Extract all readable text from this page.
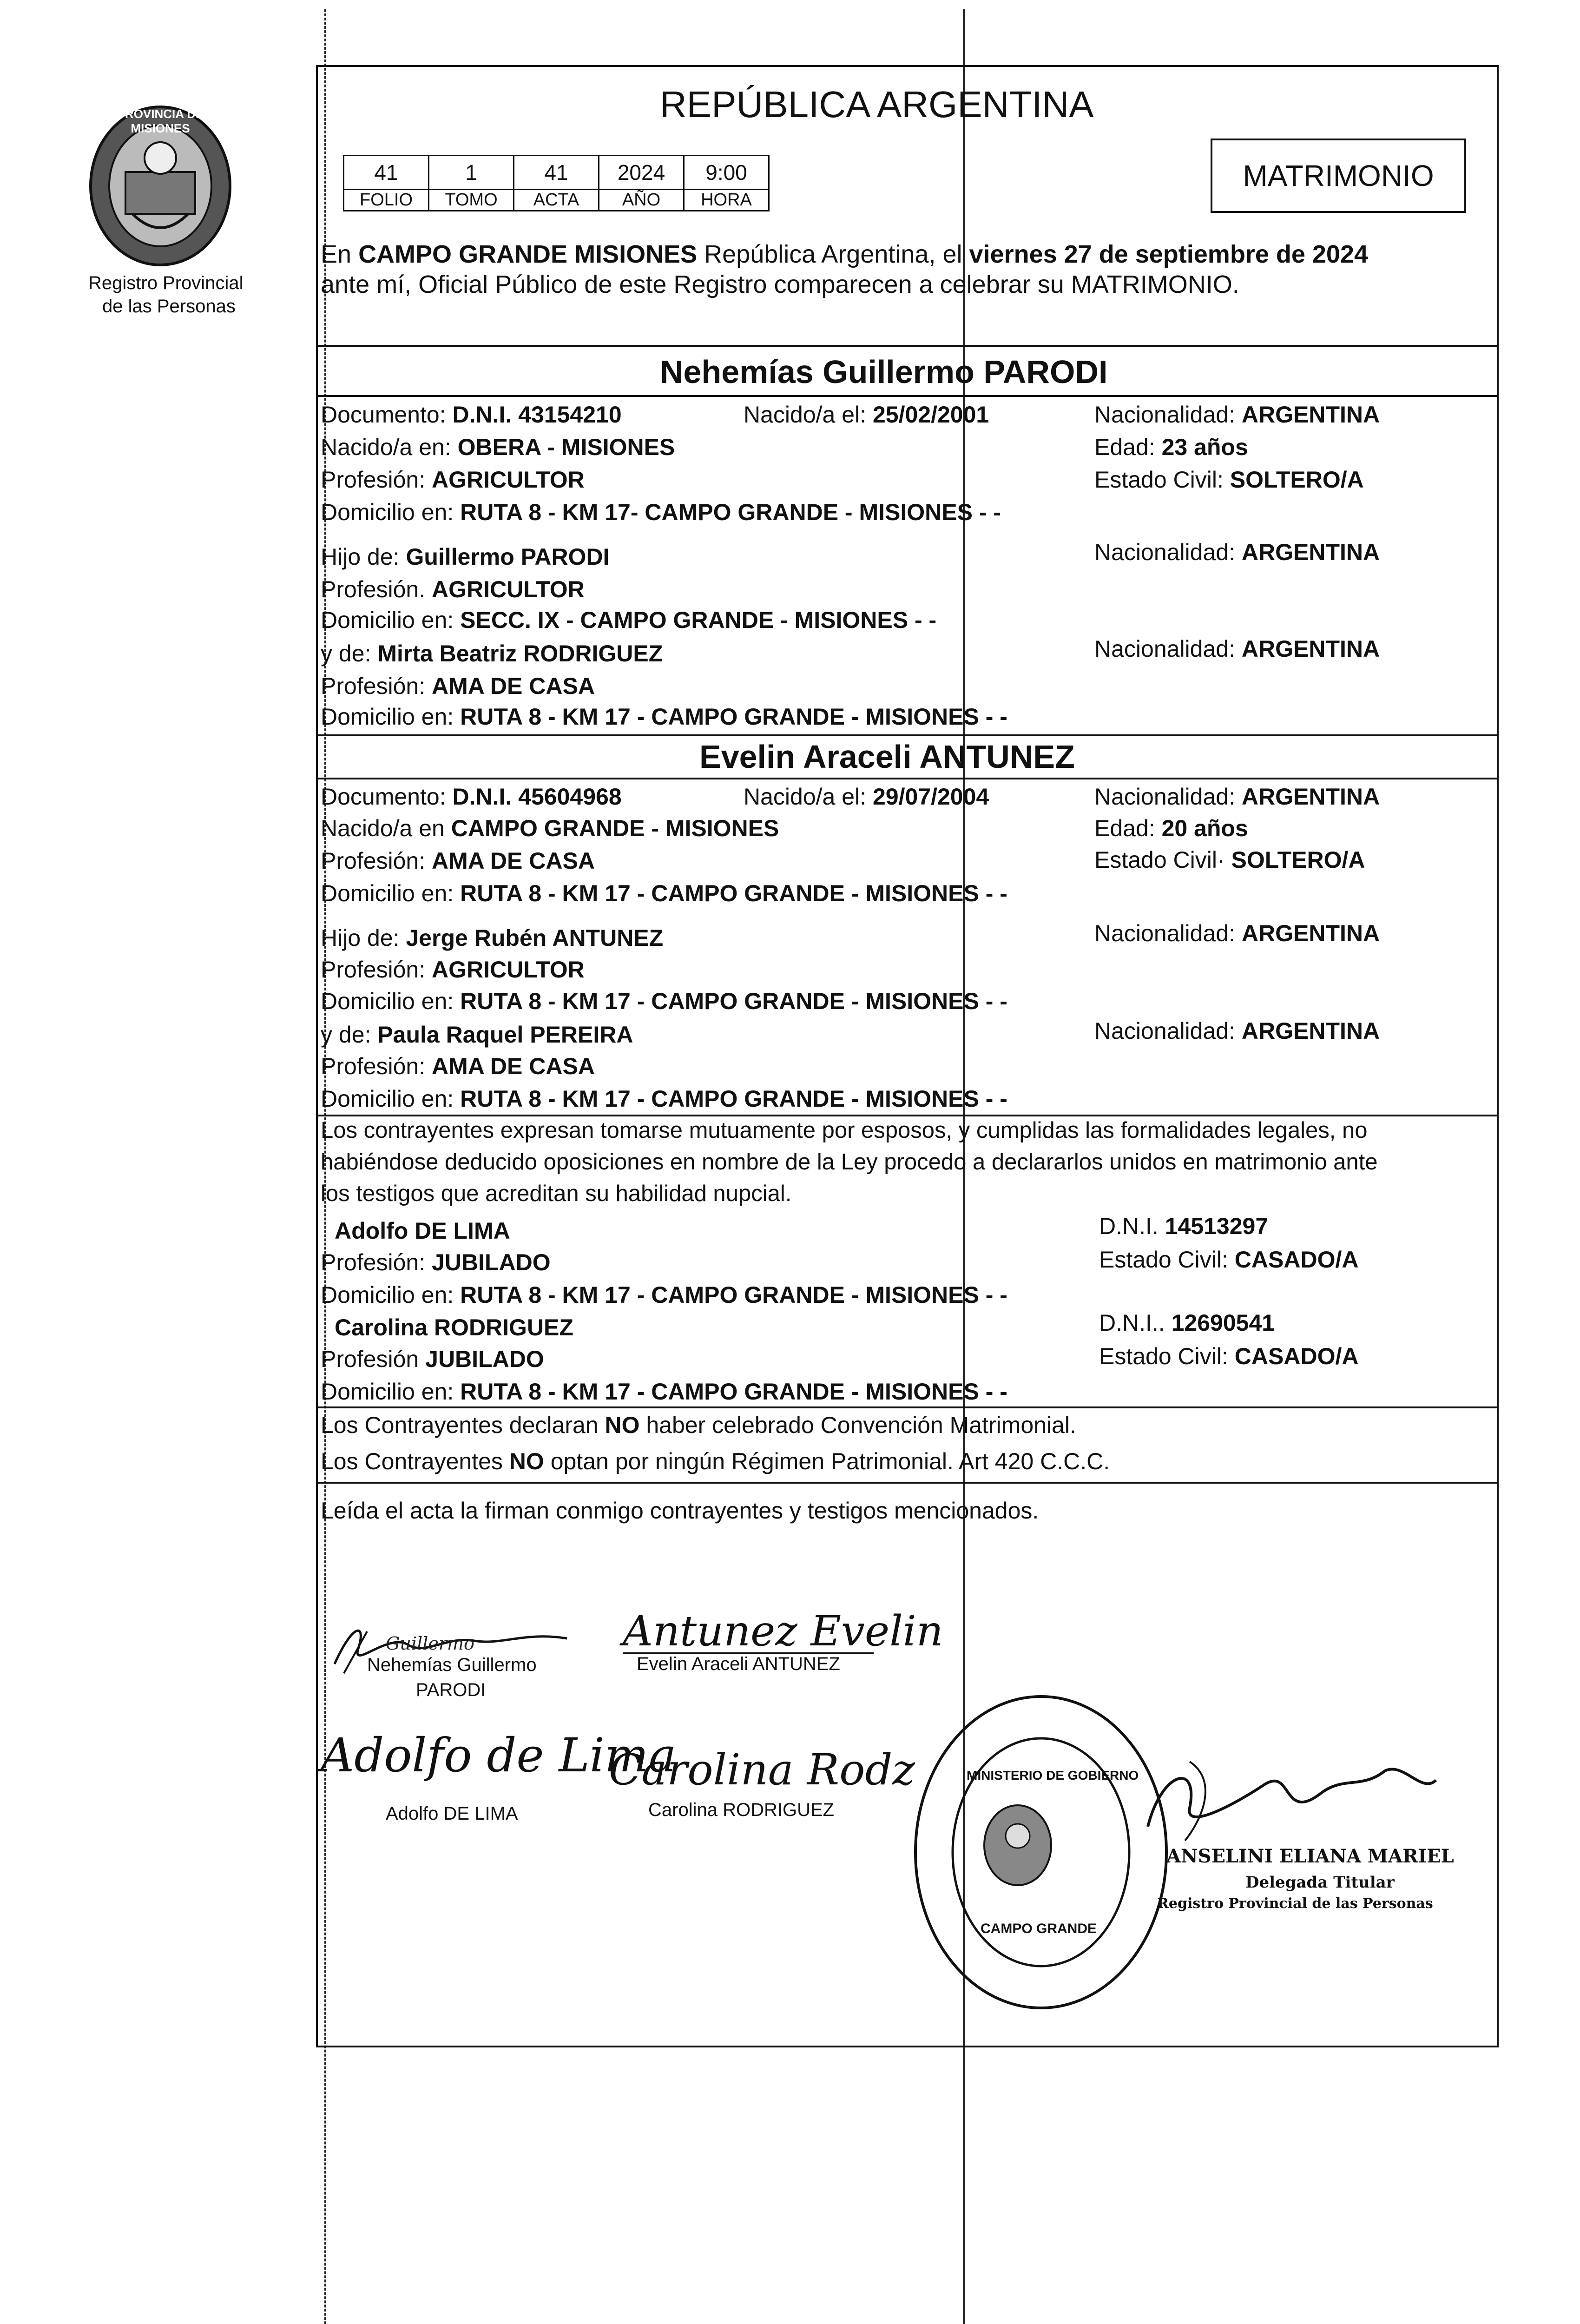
PROVINCIA DE MISIONES
Registro Provincial
de las Personas
REPÚBLICA ARGENTINA
41	1	41	2024	9:00
FOLIO	TOMO	ACTA	AÑO	HORA
MATRIMONIO
En CAMPO GRANDE MISIONES República Argentina, el viernes 27 de septiembre de 2024
ante mí, Oficial Público de este Registro comparecen a celebrar su MATRIMONIO.
Nehemías Guillermo PARODI
Documento: D.N.I. 43154210	Nacido/a el: 25/02/2001	Nacionalidad: ARGENTINA
Nacido/a en: OBERA - MISIONES	Edad: 23 años
Profesión: AGRICULTOR	Estado Civil: SOLTERO/A
Domicilio en: RUTA 8 - KM 17- CAMPO GRANDE - MISIONES - -
Hijo de: Guillermo PARODI	Nacionalidad: ARGENTINA
Profesión. AGRICULTOR
Domicilio en: SECC. IX - CAMPO GRANDE - MISIONES - -
y de: Mirta Beatriz RODRIGUEZ	Nacionalidad: ARGENTINA
Profesión: AMA DE CASA
Domicilio en: RUTA 8 - KM 17 - CAMPO GRANDE - MISIONES - -
Evelin Araceli ANTUNEZ
Documento: D.N.I. 45604968	Nacido/a el: 29/07/2004	Nacionalidad: ARGENTINA
Nacido/a en CAMPO GRANDE - MISIONES	Edad: 20 años
Profesión: AMA DE CASA	Estado Civil· SOLTERO/A
Domicilio en: RUTA 8 - KM 17 - CAMPO GRANDE - MISIONES - -
Hijo de: Jerge Rubén ANTUNEZ	Nacionalidad: ARGENTINA
Profesión: AGRICULTOR
Domicilio en: RUTA 8 - KM 17 - CAMPO GRANDE - MISIONES - -
y de: Paula Raquel PEREIRA	Nacionalidad: ARGENTINA
Profesión: AMA DE CASA
Domicilio en: RUTA 8 - KM 17 - CAMPO GRANDE - MISIONES - -
Los contrayentes expresan tomarse mutuamente por esposos, y cumplidas las formalidades legales, no
habiéndose deducido oposiciones en nombre de la Ley procedo a declararlos unidos en matrimonio ante
los testigos que acreditan su habilidad nupcial.
Adolfo DE LIMA	D.N.I. 14513297
Profesión: JUBILADO	Estado Civil: CASADO/A
Domicilio en: RUTA 8 - KM 17 - CAMPO GRANDE - MISIONES - -
Carolina RODRIGUEZ	D.N.I.. 12690541
Profesión JUBILADO	Estado Civil: CASADO/A
Domicilio en: RUTA 8 - KM 17 - CAMPO GRANDE - MISIONES - -
Los Contrayentes declaran NO haber celebrado Convención Matrimonial.
Los Contrayentes NO optan por ningún Régimen Patrimonial. Art 420 C.C.C.
Leída el acta la firman conmigo contrayentes y testigos mencionados.
Guillermo
Nehemías Guillermo
PARODI
Antunez Evelin
Evelin Araceli ANTUNEZ
Adolfo de Lima
Adolfo DE LIMA
Carolina Rodz
Carolina RODRIGUEZ
MINISTERIO DE GOBIERNO
CAMPO GRANDE
ANSELINI ELIANA MARIEL
Delegada Titular
Registro Provincial de las Personas
